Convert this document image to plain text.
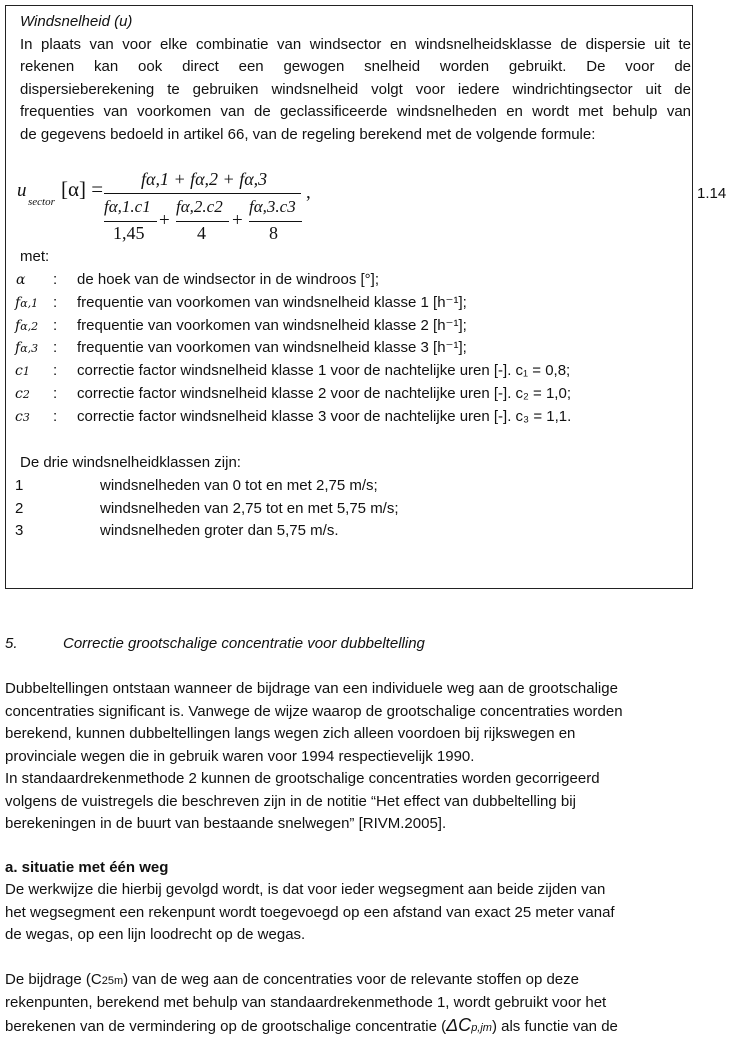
Windsnelheid (u)

In plaats van voor elke combinatie van windsector en windsnelheidsklasse de dispersie uit te

rekenen kan ook direct een gewogen snelheid worden gebruikt. De voor de

dispersieberekening te gebruiken windsnelheid volgt voor iedere windrichtingsector uit de

frequenties van voorkomen van de geclassificeerde windsnelheden en wordt met behulp van

de gegevens bedoeld in artikel 66, van de regeling berekend met de volgende formule:

u
sector
[α] = fα,1 + fα,2 + fα,3
fα,1.c1
1,45
+
fα,2.c2
4
+
fα,3.c3
8
,

met:

α : de hoek van de windsector in de windroos [°];
fα,1 : frequentie van voorkomen van windsnelheid klasse 1 [h⁻¹];
fα,2 : frequentie van voorkomen van windsnelheid klasse 2 [h⁻¹];
fα,3 : frequentie van voorkomen van windsnelheid klasse 3 [h⁻¹];
c1 : correctie factor windsnelheid klasse 1 voor de nachtelijke uren [-]. c₁ = 0,8;
c2 : correctie factor windsnelheid klasse 2 voor de nachtelijke uren [-]. c₂ = 1,0;
c3 : correctie factor windsnelheid klasse 3 voor de nachtelijke uren [-]. c₃ = 1,1.

De drie windsnelheidklassen zijn:

1	windsnelheden van 0 tot en met 2,75 m/s;
2	windsnelheden van 2,75 tot en met 5,75 m/s;
3	windsnelheden groter dan 5,75 m/s.
1.14
5.	Correctie grootschalige concentratie voor dubbeltelling
Dubbeltellingen ontstaan wanneer de bijdrage van een individuele weg aan de grootschalige
concentraties significant is. Vanwege de wijze waarop de grootschalige concentraties worden
berekend, kunnen dubbeltellingen langs wegen zich alleen voordoen bij rijkswegen en
provinciale wegen die in gebruik waren voor 1994 respectievelijk 1990.
In standaardrekenmethode 2 kunnen de grootschalige concentraties worden gecorrigeerd
volgens de vuistregels die beschreven zijn in de notitie “Het effect van dubbeltelling bij
berekeningen in de buurt van bestaande snelwegen” [RIVM.2005].
a. situatie met één weg
De werkwijze die hierbij gevolgd wordt, is dat voor ieder wegsegment aan beide zijden van
het wegsegment een rekenpunt wordt toegevoegd op een afstand van exact 25 meter vanaf
de wegas, op een lijn loodrecht op de wegas.
De bijdrage (C25m) van de weg aan de concentraties voor de relevante stoffen op deze
rekenpunten, berekend met behulp van standaardrekenmethode 1, wordt gebruikt voor het
berekenen van de vermindering op de grootschalige concentratie (ΔCp,jm) als functie van de
